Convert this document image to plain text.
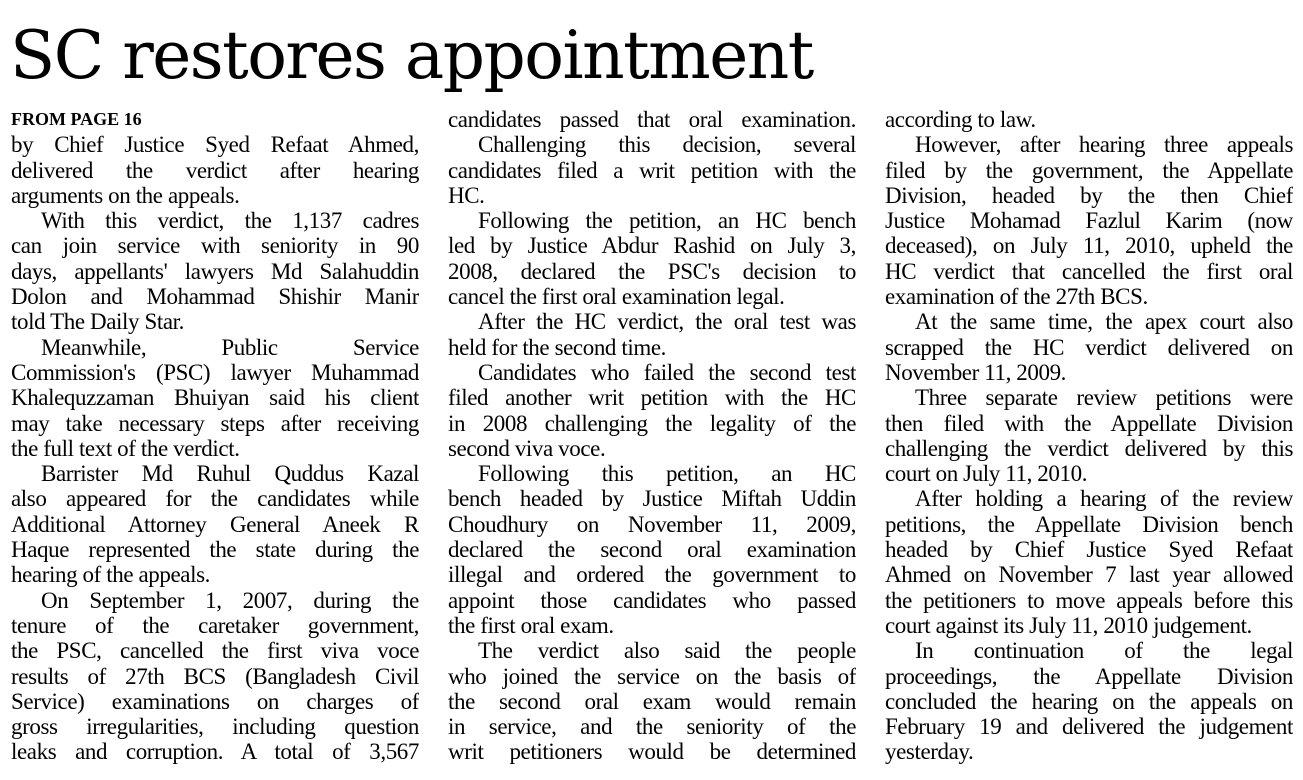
SC restores appointment
FROM PAGE 16
by Chief Justice Syed Refaat Ahmed,
delivered the verdict after hearing
arguments on the appeals.
With this verdict, the 1,137 cadres
can join service with seniority in 90
days, appellants' lawyers Md Salahuddin
Dolon and Mohammad Shishir Manir
told The Daily Star.
Meanwhile, Public Service
Commission's (PSC) lawyer Muhammad
Khalequzzaman Bhuiyan said his client
may take necessary steps after receiving
the full text of the verdict.
Barrister Md Ruhul Quddus Kazal
also appeared for the candidates while
Additional Attorney General Aneek R
Haque represented the state during the
hearing of the appeals.
On September 1, 2007, during the
tenure of the caretaker government,
the PSC, cancelled the first viva voce
results of 27th BCS (Bangladesh Civil
Service) examinations on charges of
gross irregularities, including question
leaks and corruption. A total of 3,567
candidates passed that oral examination.
Challenging this decision, several
candidates filed a writ petition with the
HC.
Following the petition, an HC bench
led by Justice Abdur Rashid on July 3,
2008, declared the PSC's decision to
cancel the first oral examination legal.
After the HC verdict, the oral test was
held for the second time.
Candidates who failed the second test
filed another writ petition with the HC
in 2008 challenging the legality of the
second viva voce.
Following this petition, an HC
bench headed by Justice Miftah Uddin
Choudhury on November 11, 2009,
declared the second oral examination
illegal and ordered the government to
appoint those candidates who passed
the first oral exam.
The verdict also said the people
who joined the service on the basis of
the second oral exam would remain
in service, and the seniority of the
writ petitioners would be determined
according to law.
However, after hearing three appeals
filed by the government, the Appellate
Division, headed by the then Chief
Justice Mohamad Fazlul Karim (now
deceased), on July 11, 2010, upheld the
HC verdict that cancelled the first oral
examination of the 27th BCS.
At the same time, the apex court also
scrapped the HC verdict delivered on
November 11, 2009.
Three separate review petitions were
then filed with the Appellate Division
challenging the verdict delivered by this
court on July 11, 2010.
After holding a hearing of the review
petitions, the Appellate Division bench
headed by Chief Justice Syed Refaat
Ahmed on November 7 last year allowed
the petitioners to move appeals before this
court against its July 11, 2010 judgement.
In continuation of the legal
proceedings, the Appellate Division
concluded the hearing on the appeals on
February 19 and delivered the judgement
yesterday.
